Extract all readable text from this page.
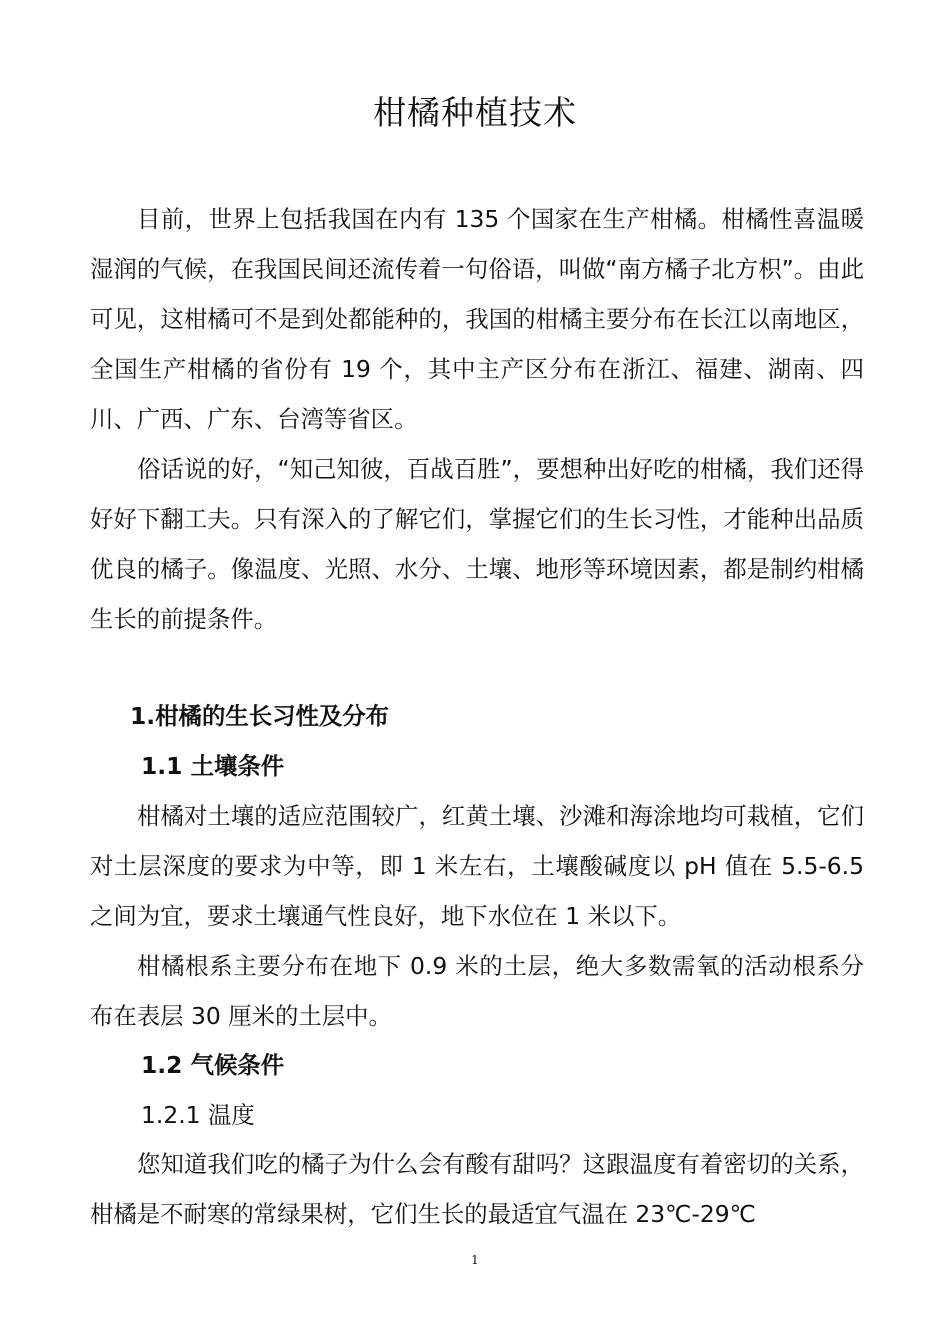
柑橘种植技术
目前，世界上包括我国在内有 135 个国家在生产柑橘。柑橘性喜温暖湿润的气候，在我国民间还流传着一句俗语，叫做“南方橘子北方枳”。由此可见，这柑橘可不是到处都能种的，我国的柑橘主要分布在长江以南地区，全国生产柑橘的省份有 19 个，其中主产区分布在浙江、福建、湖南、四川、广西、广东、台湾等省区。
俗话说的好，“知己知彼，百战百胜”，要想种出好吃的柑橘，我们还得好好下翻工夫。只有深入的了解它们，掌握它们的生长习性，才能种出品质优良的橘子。像温度、光照、水分、土壤、地形等环境因素，都是制约柑橘生长的前提条件。
1.柑橘的生长习性及分布
1.1 土壤条件
柑橘对土壤的适应范围较广，红黄土壤、沙滩和海涂地均可栽植，它们对土层深度的要求为中等，即 1 米左右，土壤酸碱度以 pH 值在 5.5-6.5 之间为宜，要求土壤通气性良好，地下水位在 1 米以下。
柑橘根系主要分布在地下 0.9 米的土层，绝大多数需氧的活动根系分布在表层 30 厘米的土层中。
1.2 气候条件
1.2.1 温度
您知道我们吃的橘子为什么会有酸有甜吗？这跟温度有着密切的关系，柑橘是不耐寒的常绿果树，它们生长的最适宜气温在 23℃-29℃
1
